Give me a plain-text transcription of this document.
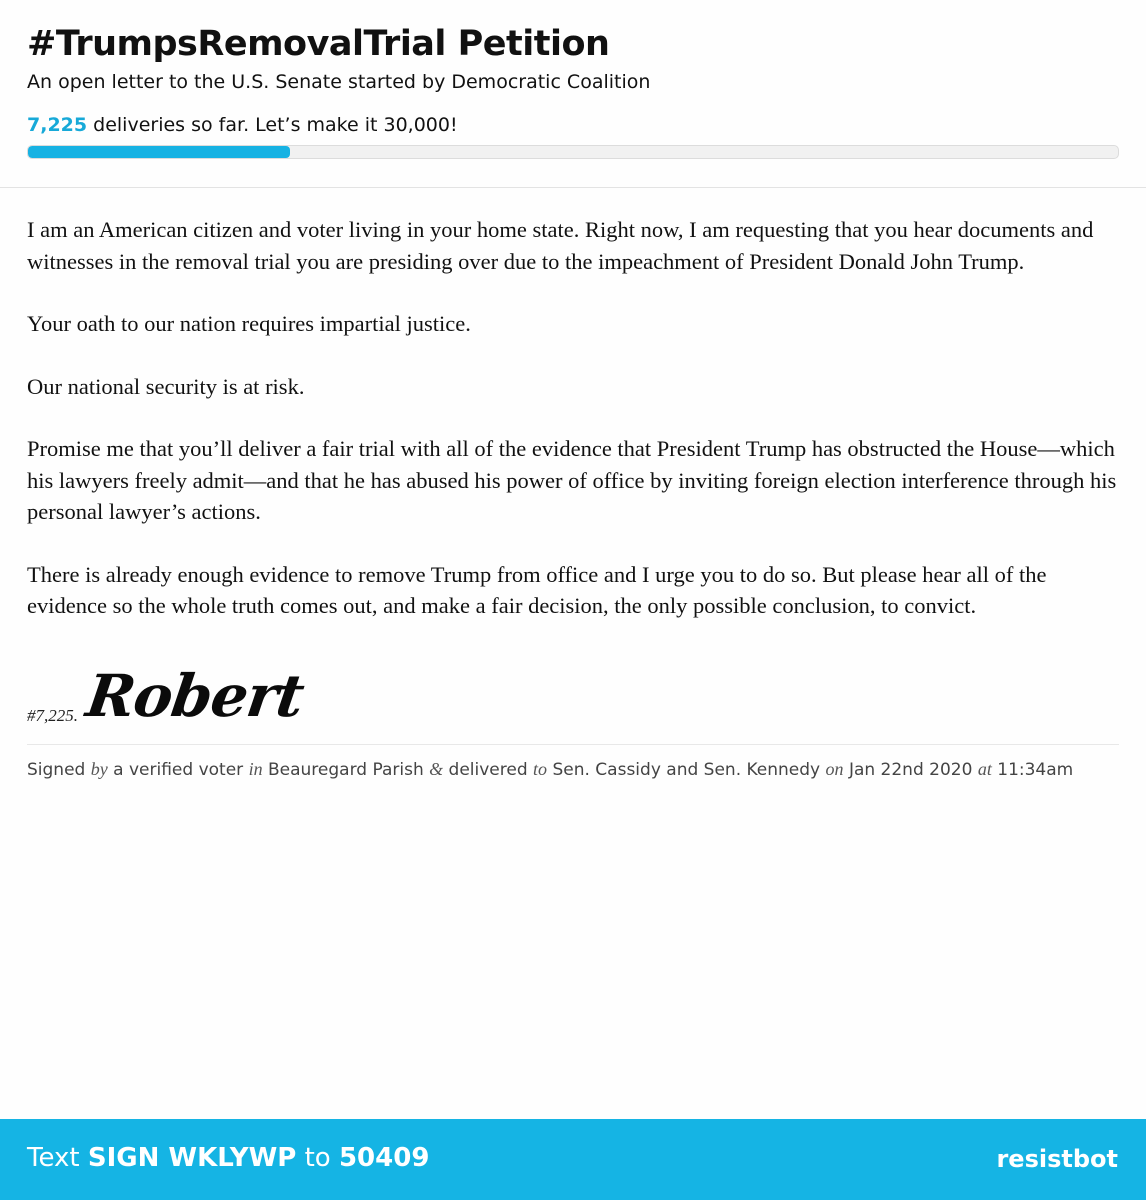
#TrumpsRemovalTrial Petition
An open letter to the U.S. Senate started by Democratic Coalition
7,225 deliveries so far. Let’s make it 30,000!

I am an American citizen and voter living in your home state. Right now, I am requesting that you hear documents and witnesses in the removal trial you are presiding over due to the impeachment of President Donald John Trump.

Your oath to our nation requires impartial justice.

Our national security is at risk.

Promise me that you’ll deliver a fair trial with all of the evidence that President Trump has obstructed the House—which his lawyers freely admit—and that he has abused his power of office by inviting foreign election interference through his personal lawyer’s actions.

There is already enough evidence to remove Trump from office and I urge you to do so. But please hear all of the evidence so the whole truth comes out, and make a fair decision, the only possible conclusion, to convict.

#7,225. Robert
Signed by a verified voter in Beauregard Parish & delivered to Sen. Cassidy and Sen. Kennedy on Jan 22nd 2020 at 11:34am
Text SIGN WKLYWP to 50409	resistbot
